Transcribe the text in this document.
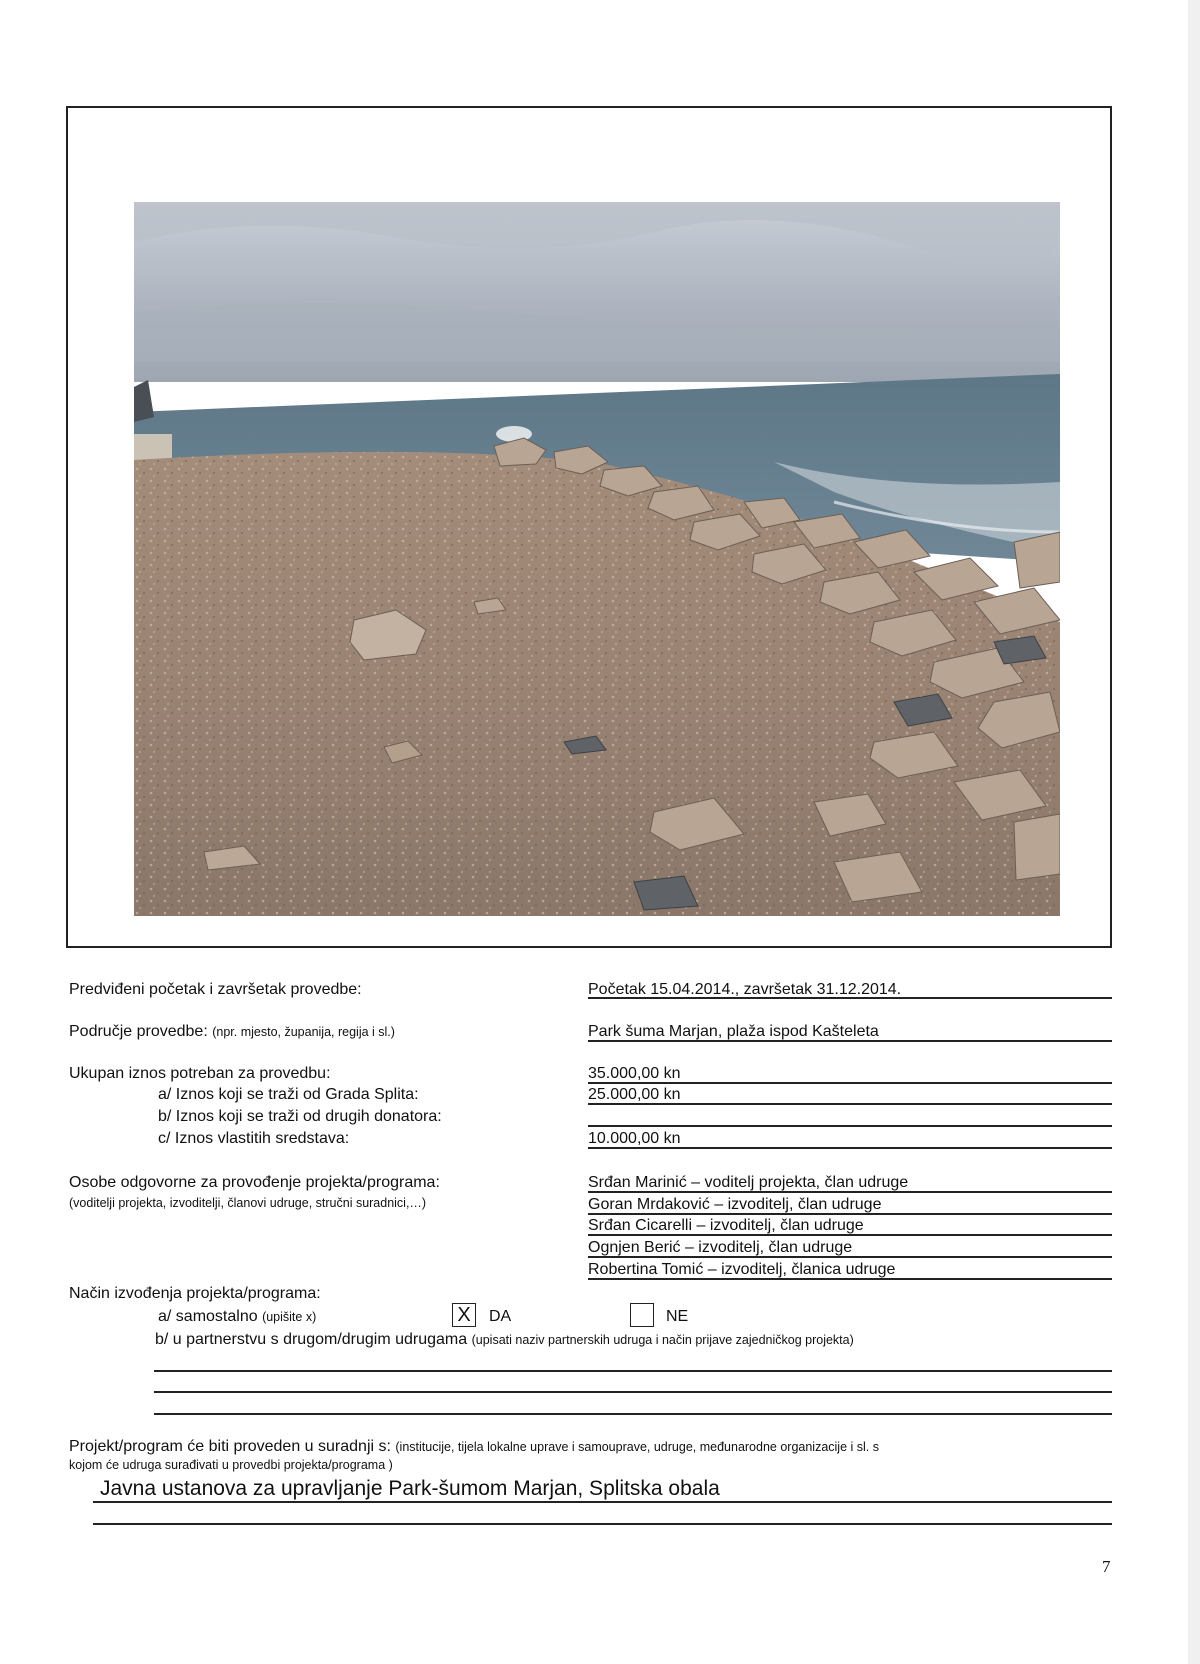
Predviđeni početak i završetak provedbe:	Početak 15.04.2014., završetak 31.12.2014.
Područje provedbe: (npr. mjesto, županija, regija i sl.)	Park šuma Marjan, plaža ispod Kašteleta
Ukupan iznos potreban za provedbu:	35.000,00 kn
a/ Iznos koji se traži od Grada Splita:	25.000,00 kn
b/ Iznos koji se traži od drugih donatora:
c/ Iznos vlastitih sredstava:	10.000,00 kn
Osobe odgovorne za provođenje projekta/programa:
(voditelji projekta, izvoditelji, članovi udruge, stručni suradnici,…)
Srđan Marinić – voditelj projekta, član udruge
Goran Mrdaković – izvoditelj, član udruge
Srđan Cicarelli – izvoditelj, član udruge
Ognjen Berić – izvoditelj, član udruge
Robertina Tomić – izvoditelj, članica udruge
Način izvođenja projekta/programa:
a/ samostalno (upišite x)	X	DA	NE
b/ u partnerstvu s drugom/drugim udrugama (upisati naziv partnerskih udruga i način prijave zajedničkog projekta)
Projekt/program će biti proveden u suradnji s: (institucije, tijela lokalne uprave i samouprave, udruge, međunarodne organizacije i sl. s
kojom će udruga surađivati u provedbi projekta/programa )
Javna ustanova za upravljanje Park-šumom Marjan, Splitska obala
7
